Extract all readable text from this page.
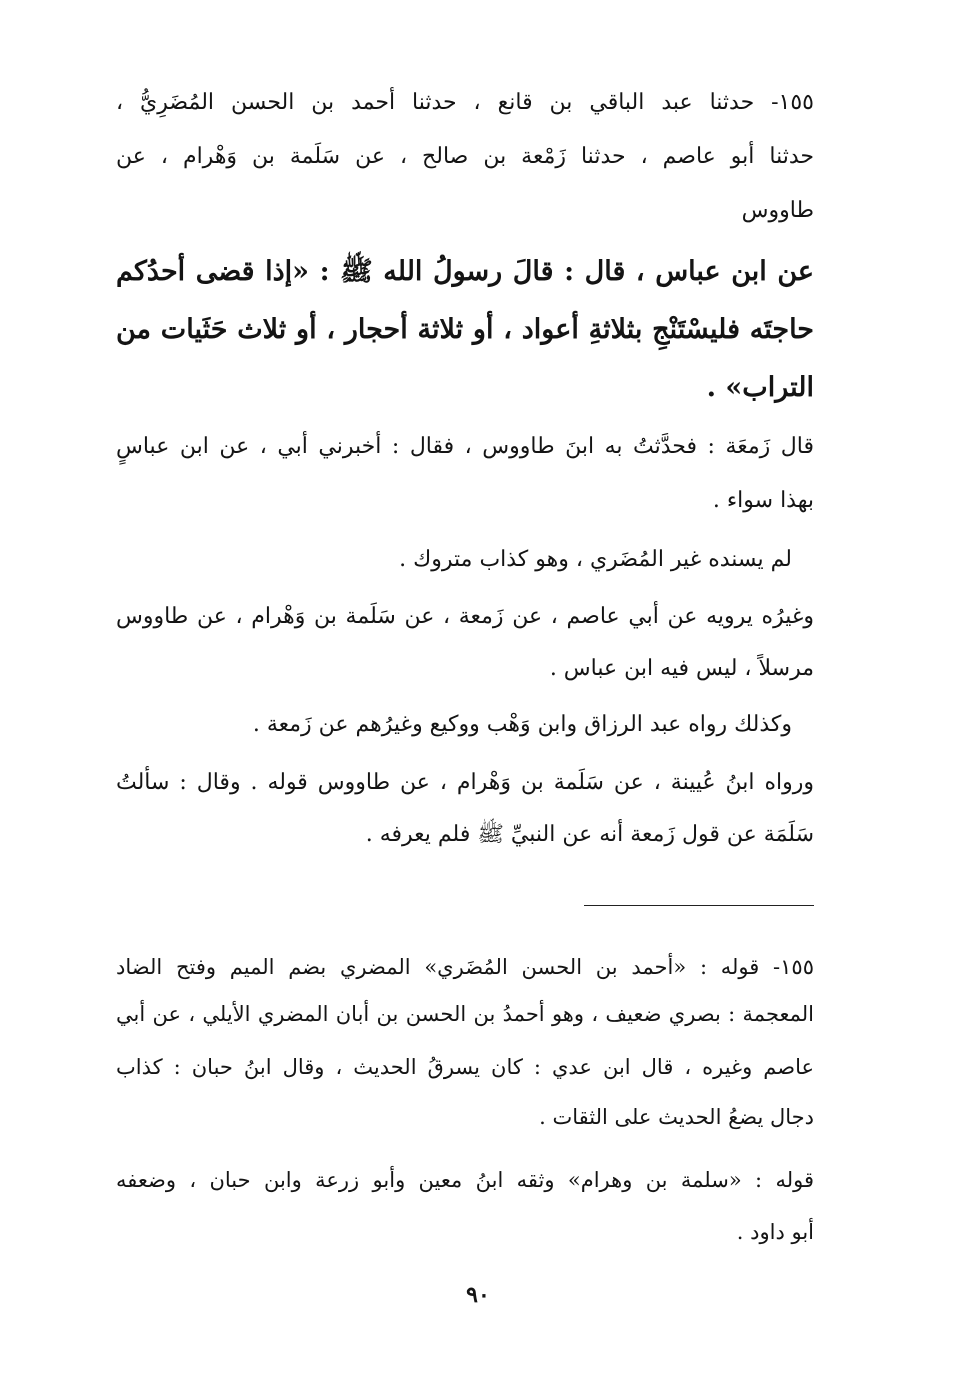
١٥٥- حدثنا عبد الباقي بن قانع ، حدثنا أحمد بن الحسن المُضَرِيُّ ،
حدثنا أبو عاصم ، حدثنا زَمْعة بن صالح ، عن سَلَمة بن وَهْرام ، عن
طاووس
عن ابن عباس ، قال : قالَ رسولُ الله ﷺ : «إذا قضى أحدُكم
حاجتَه فليسْتَنْجِ بثلاثةِ أعواد ، أو ثلاثة أحجار ، أو ثلاث حَثَيات من
التراب» .
قال زَمعَة : فحدَّثتُ به ابنَ طاووس ، فقال : أخبرني أبي ، عن ابن عباسٍ
بهذا سواء .
لم يسنده غير المُضَري ، وهو كذاب متروك .
وغيرُه يرويه عن أبي عاصم ، عن زَمعة ، عن سَلَمة بن وَهْرام ، عن طاووس
مرسلاً ، ليس فيه ابن عباس .
وكذلك رواه عبد الرزاق وابن وَهْب ووكيع وغيرُهم عن زَمعة .
ورواه ابنُ عُيينة ، عن سَلَمة بن وَهْرام ، عن طاووس قوله . وقال : سألتُ
سَلَمَة عن قول زَمعة أنه عن النبيِّ ﷺ فلم يعرفه .
١٥٥- قوله : «أحمد بن الحسن المُضَري» المضري بضم الميم وفتح الضاد
المعجمة : بصري ضعيف ، وهو أحمدُ بن الحسن بن أبان المضري الأيلي ، عن أبي
عاصم وغيره ، قال ابن عدي : كان يسرقُ الحديث ، وقال ابنُ حبان : كذاب
دجال يضعُ الحديث على الثقات .
قوله : «سلمة بن وهرام» وثقه ابنُ معين وأبو زرعة وابن حبان ، وضعفه
أبو داود .
٩٠
